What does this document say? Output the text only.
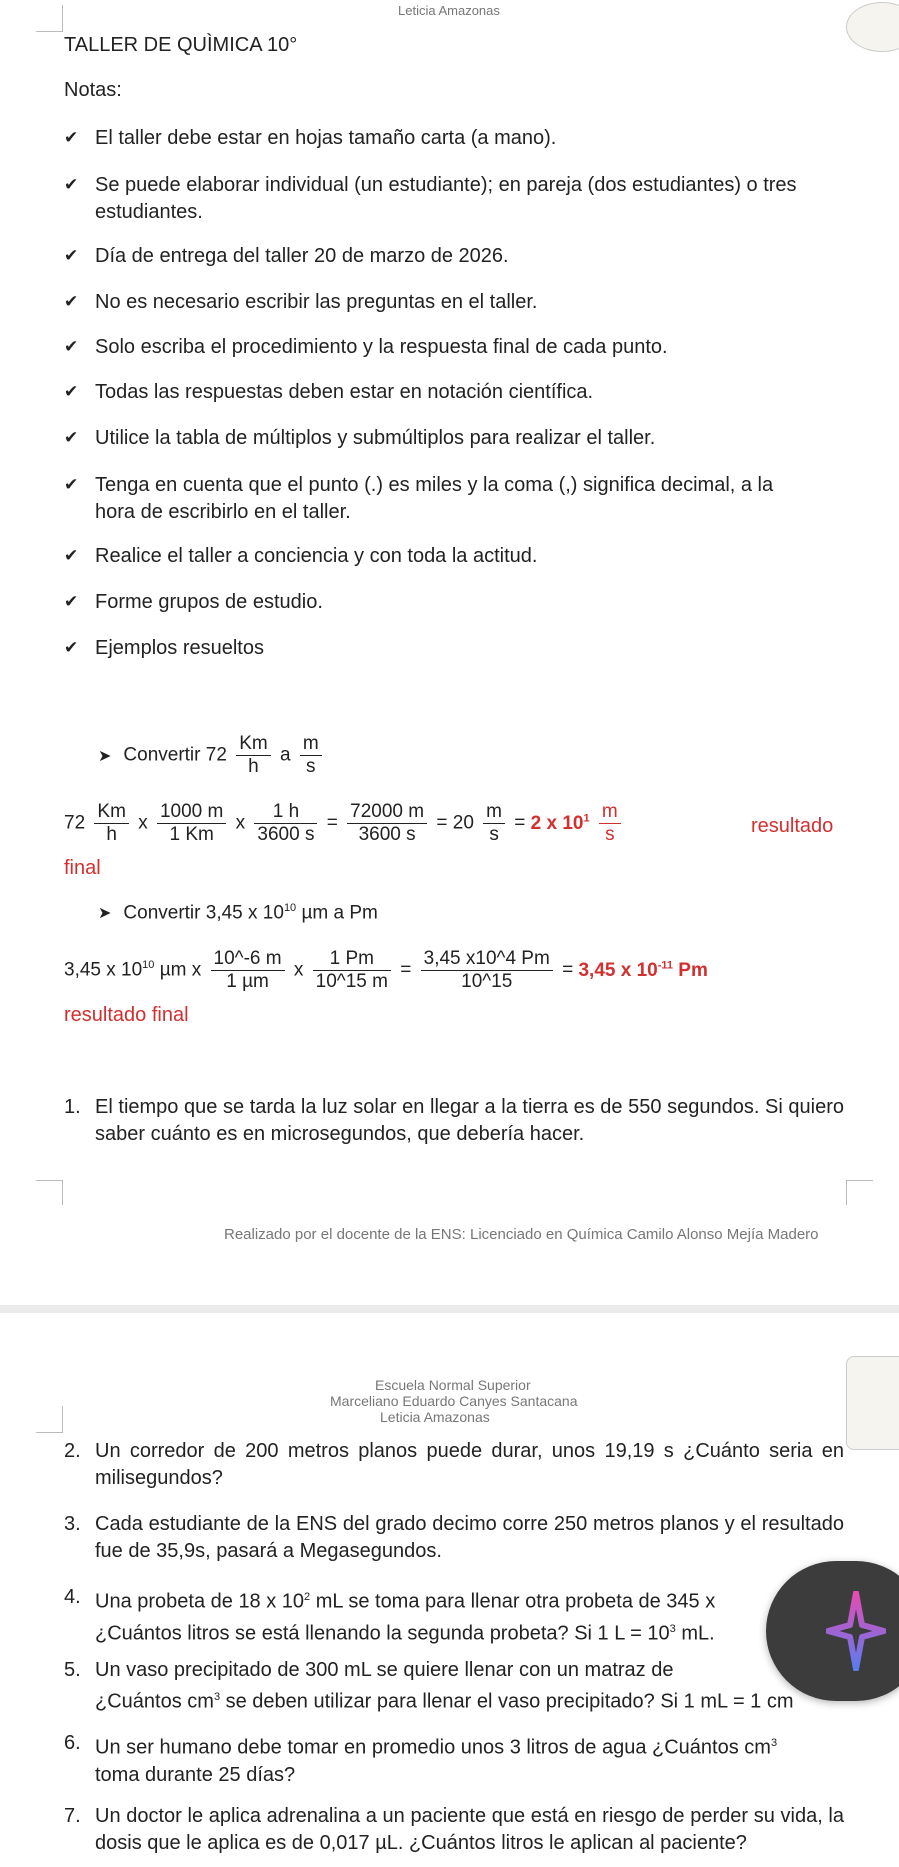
Leticia Amazonas
TALLER DE QUÌMICA 10°
Notas:
✔ El taller debe estar en hojas tamaño carta (a mano).
✔ Se puede elaborar individual (un estudiante); en pareja (dos estudiantes) o tres
estudiantes.
✔ Día de entrega del taller 20 de marzo de 2026.
✔ No es necesario escribir las preguntas en el taller.
✔ Solo escriba el procedimiento y la respuesta final de cada punto.
✔ Todas las respuestas deben estar en notación científica.
✔ Utilice la tabla de múltiplos y submúltiplos para realizar el taller.
✔ Tenga en cuenta que el punto (.) es miles y la coma (,) significa decimal, a la
hora de escribirlo en el taller.
✔ Realice el taller a conciencia y con toda la actitud.
✔ Forme grupos de estudio.
✔ Ejemplos resueltos
➤ Convertir $72 \frac{Km}{h}$ a $\frac{m}{s}$
$72 \frac{Km}{h}$ x $\frac{1000 m}{1 Km}$ x $\frac{1 h}{3600 s} = \frac{72000 m}{3600 s} = 20 \frac{m}{s} = 2$ x $10^1 \frac{m}{s}$	resultado
final
➤ Convertir 3,45 x $10^{10}$ µm a Pm
3,45 x $10^{10}$ µm x $\frac{10\^{}-6 m}{\text{1 µm}}$ x $\frac{1 Pm}{10\^{}15 m} = \frac{3,45 x10\^{}4 Pm}{10\^{}15} = 3,45$ x $10^{-11}$ Pm
resultado final
1. El tiempo que se tarda la luz solar en llegar a la tierra es de 550 segundos. Si quiero saber cuánto es en microsegundos, que debería hacer.
Realizado por el docente de la ENS: Licenciado en Química Camilo Alonso Mejía Madero
Escuela Normal Superior
Marceliano Eduardo Canyes Santacana
Leticia Amazonas
2. Un corredor de 200 metros planos puede durar, unos 19,19 s ¿Cuánto seria en milisegundos?
3. Cada estudiante de la ENS del grado decimo corre 250 metros planos y el resultado fue de 35,9s, pasará a Megasegundos.
4. Una probeta de 18 x $10^2$ mL se toma para llenar otra probeta de 345 x
¿Cuántos litros se está llenando la segunda probeta? Si 1 $L = 10^3$ mL.
5. Un vaso precipitado de 300 mL se quiere llenar con un matraz de
¿Cuántos $cm^3$ se deben utilizar para llenar el vaso precipitado? Si 1 mL = 1 cm
6. Un ser humano debe tomar en promedio unos 3 litros de agua ¿Cuántos $cm^3$
toma durante 25 días?
7. Un doctor le aplica adrenalina a un paciente que está en riesgo de perder su vida, la dosis que le aplica es de 0,017 µL. ¿Cuántos litros le aplican al paciente?
